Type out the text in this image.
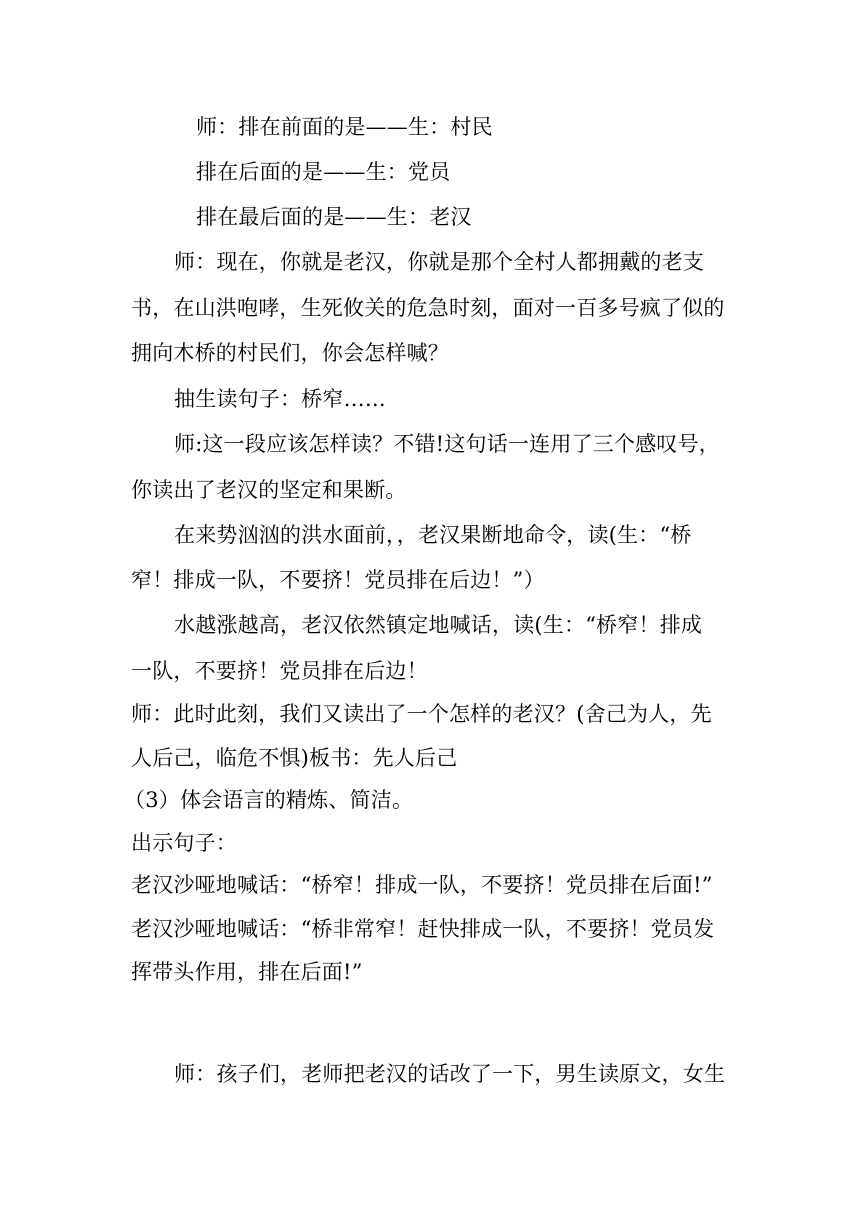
师：排在前面的是——生：村民
排在后面的是——生：党员
排在最后面的是——生：老汉
师：现在，你就是老汉，你就是那个全村人都拥戴的老支
书，在山洪咆哮，生死攸关的危急时刻，面对一百多号疯了似的
拥向木桥的村民们，你会怎样喊？
抽生读句子：桥窄……
师:这一段应该怎样读？不错!这句话一连用了三个感叹号，
你读出了老汉的坚定和果断。
在来势汹汹的洪水面前，，老汉果断地命令，读(生：“桥
窄！排成一队，不要挤！党员排在后边！”）
水越涨越高，老汉依然镇定地喊话，读(生：“桥窄！排成
一队，不要挤！党员排在后边！
师：此时此刻，我们又读出了一个怎样的老汉？(舍己为人，先
人后己，临危不惧)板书：先人后己
（3）体会语言的精炼、简洁。
出示句子：
老汉沙哑地喊话：“桥窄！排成一队，不要挤！党员排在后面!”
老汉沙哑地喊话：“桥非常窄！赶快排成一队，不要挤！党员发
挥带头作用，排在后面!”
师：孩子们，老师把老汉的话改了一下，男生读原文，女生
